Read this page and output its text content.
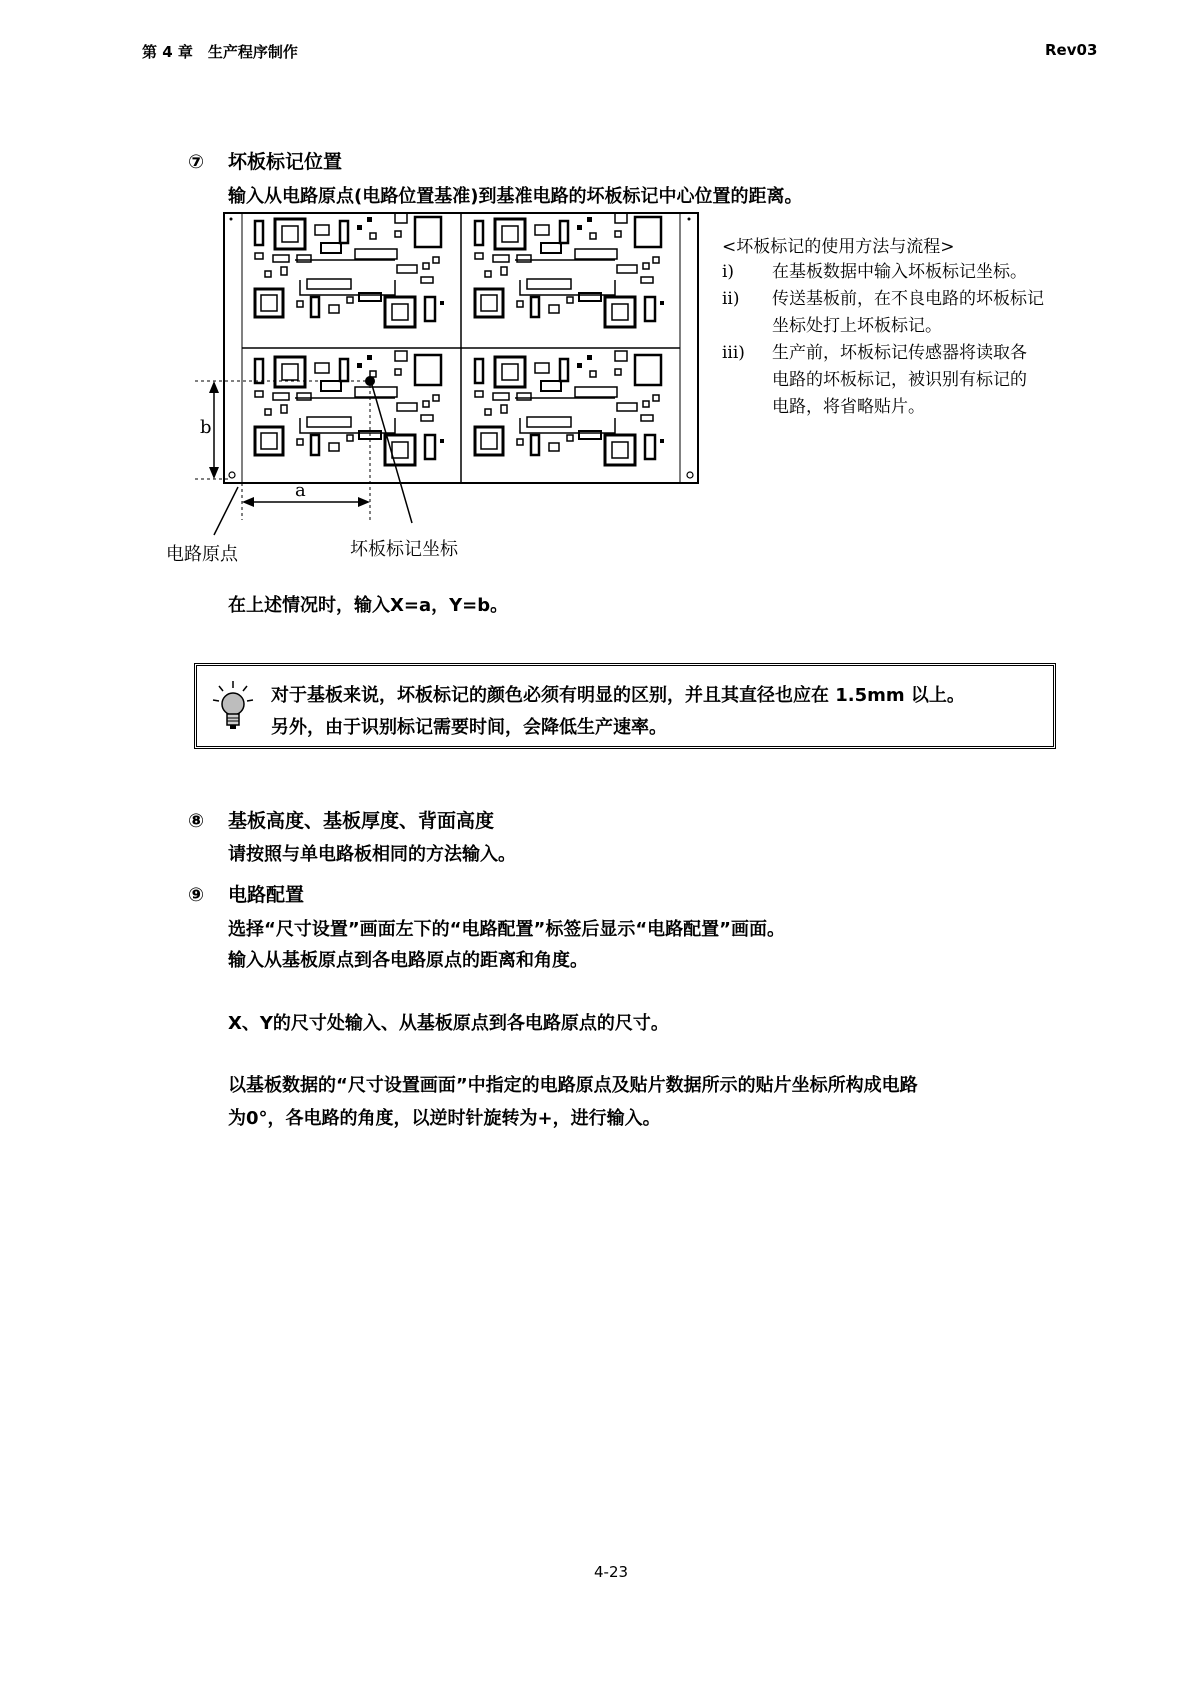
第 4 章　生产程序制作	Rev03
⑦ 坏板标记位置
输入从电路原点(电路位置基准)到基准电路的坏板标记中心位置的距离。
b
a
电路原点	坏板标记坐标
<坏板标记的使用方法与流程>
i)	在基板数据中输入坏板标记坐标。
ii)	传送基板前，在不良电路的坏板标记
坐标处打上坏板标记。
iii)	生产前，坏板标记传感器将读取各
电路的坏板标记，被识别有标记的
电路，将省略贴片。
在上述情况时，输入X=a，Y=b。
对于基板来说，坏板标记的颜色必须有明显的区别，并且其直径也应在 1.5mm 以上。
另外，由于识别标记需要时间，会降低生产速率。
⑧ 基板高度、基板厚度、背面高度
请按照与单电路板相同的方法输入。
⑨ 电路配置
选择“尺寸设置”画面左下的“电路配置”标签后显示“电路配置”画面。
输入从基板原点到各电路原点的距离和角度。
X、Y的尺寸处输入、从基板原点到各电路原点的尺寸。
以基板数据的“尺寸设置画面”中指定的电路原点及贴片数据所示的贴片坐标所构成电路
为0°，各电路的角度，以逆时针旋转为+，进行输入。
4-23
